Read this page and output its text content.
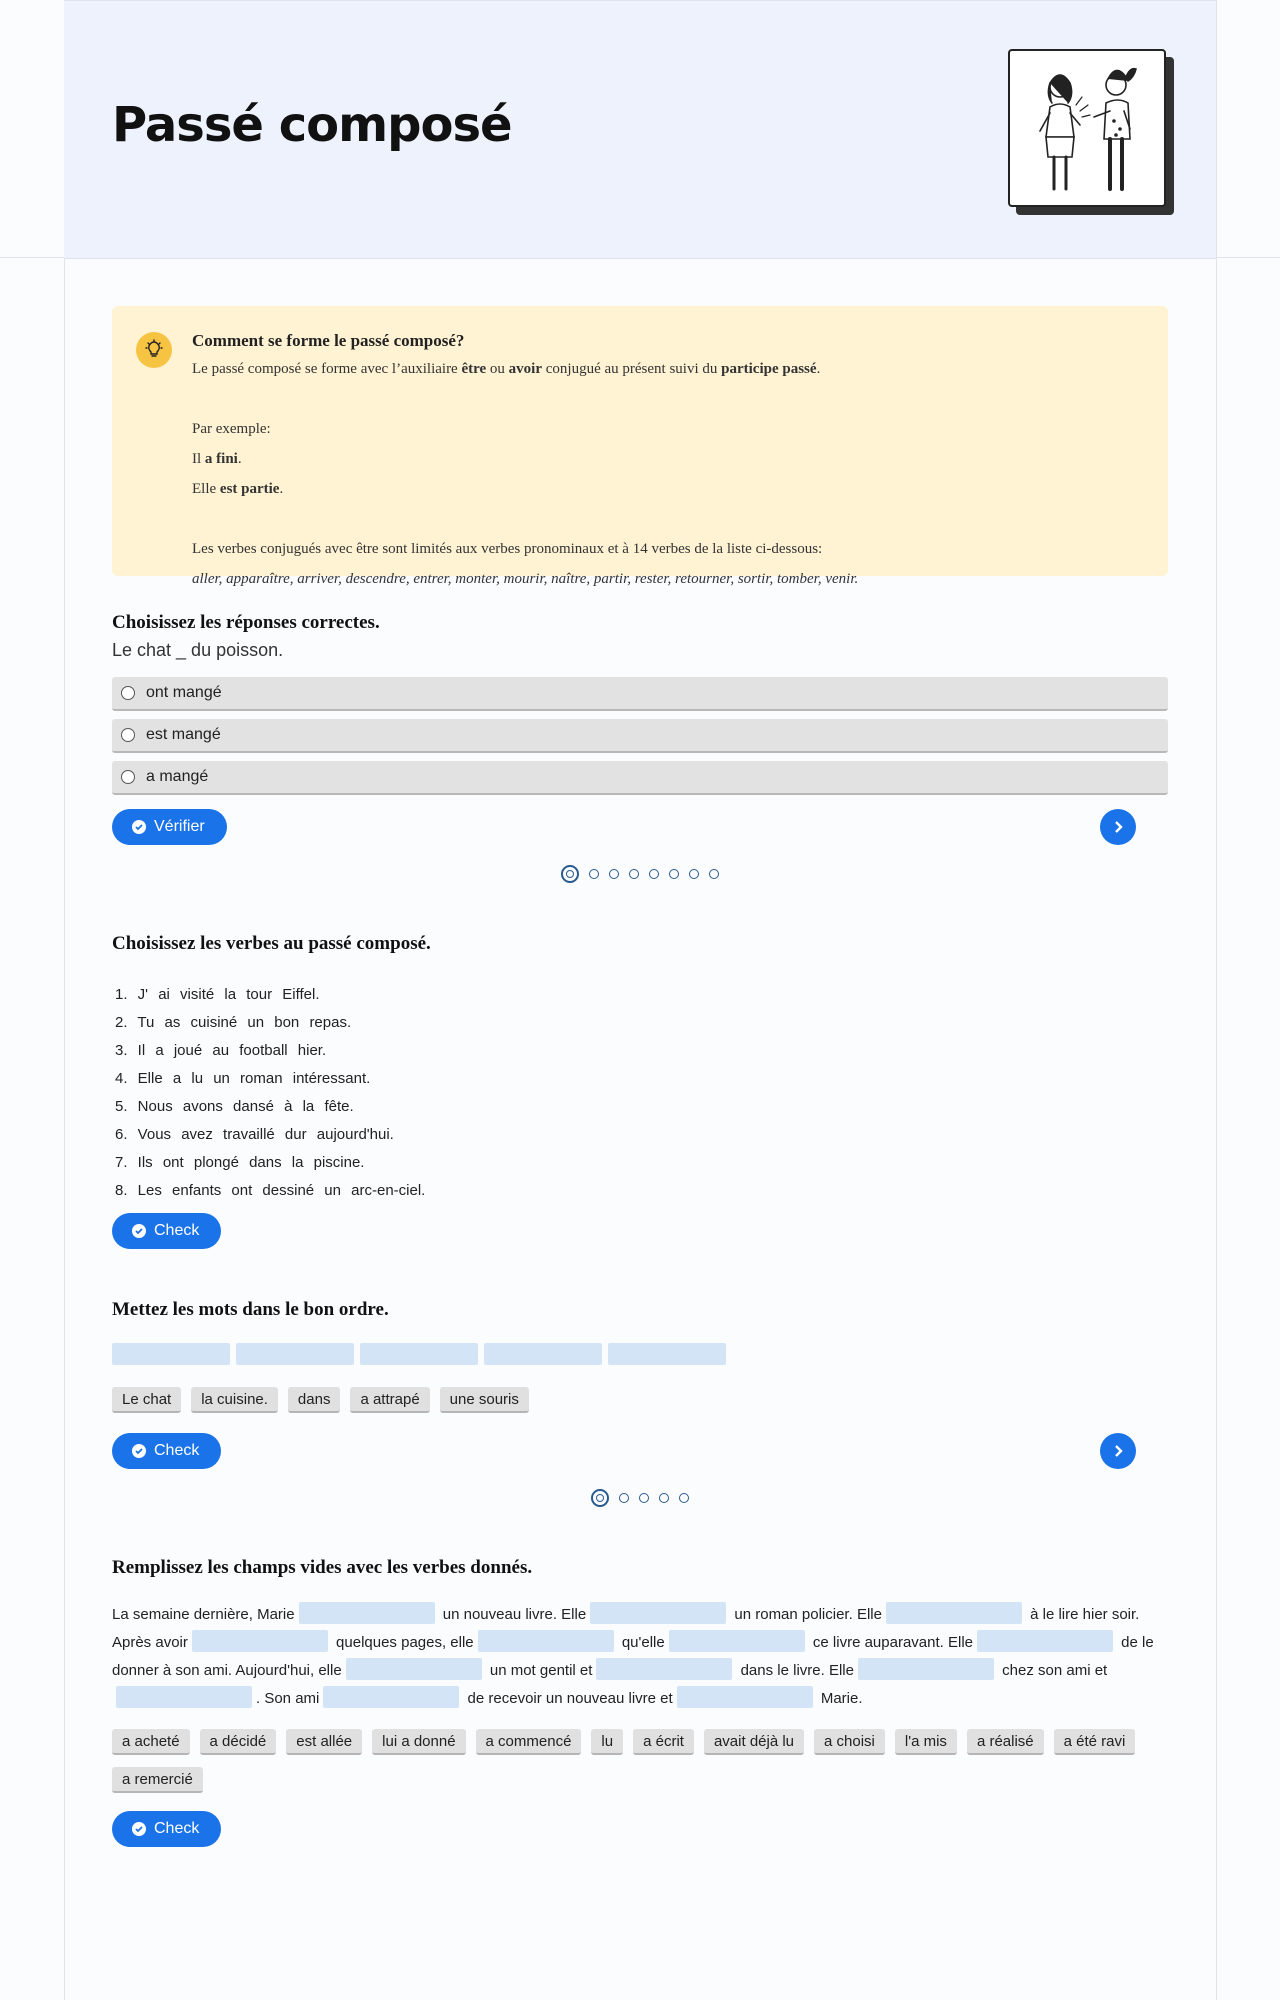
Passé composé
Comment se forme le passé composé?

Le passé composé se forme avec l’auxiliaire être ou avoir conjugué au présent suivi du participe passé.

Par exemple:

Il a fini.

Elle est partie.

Les verbes conjugués avec être sont limités aux verbes pronominaux et à 14 verbes de la liste ci-dessous:

aller, apparaître, arriver, descendre, entrer, monter, mourir, naître, partir, rester, retourner, sortir, tomber, venir.

Choisissez les réponses correctes.
Le chat _ du poisson.
ont mangé
est mangé
a mangé
Vérifier
Choisissez les verbes au passé composé.
1. J' ai visité la tour Eiffel.
2. Tu as cuisiné un bon repas.
3. Il a joué au football hier.
4. Elle a lu un roman intéressant.
5. Nous avons dansé à la fête.
6. Vous avez travaillé dur aujourd'hui.
7. Ils ont plongé dans la piscine.
8. Les enfants ont dessiné un arc-en-ciel.
Check
Mettez les mots dans le bon ordre.
Le chat	la cuisine.	dans	a attrapé	une souris
Check
Remplissez les champs vides avec les verbes donnés.
La semaine dernière, Marie	un nouveau livre. Elle	un roman policier. Elle	à le lire hier soir. Après avoir	quelques pages, elle	qu'elle	ce livre auparavant. Elle	de le donner à son ami. Aujourd'hui, elle	un mot gentil et	dans le livre. Elle	chez son ami et. Son ami	de recevoir un nouveau livre et	Marie.
a acheté	a décidé	est allée	lui a donné	a commencé	lu	a écrit	avait déjà lu	a choisi	l'a mis	a réalisé	a été ravi
a remercié
Check
